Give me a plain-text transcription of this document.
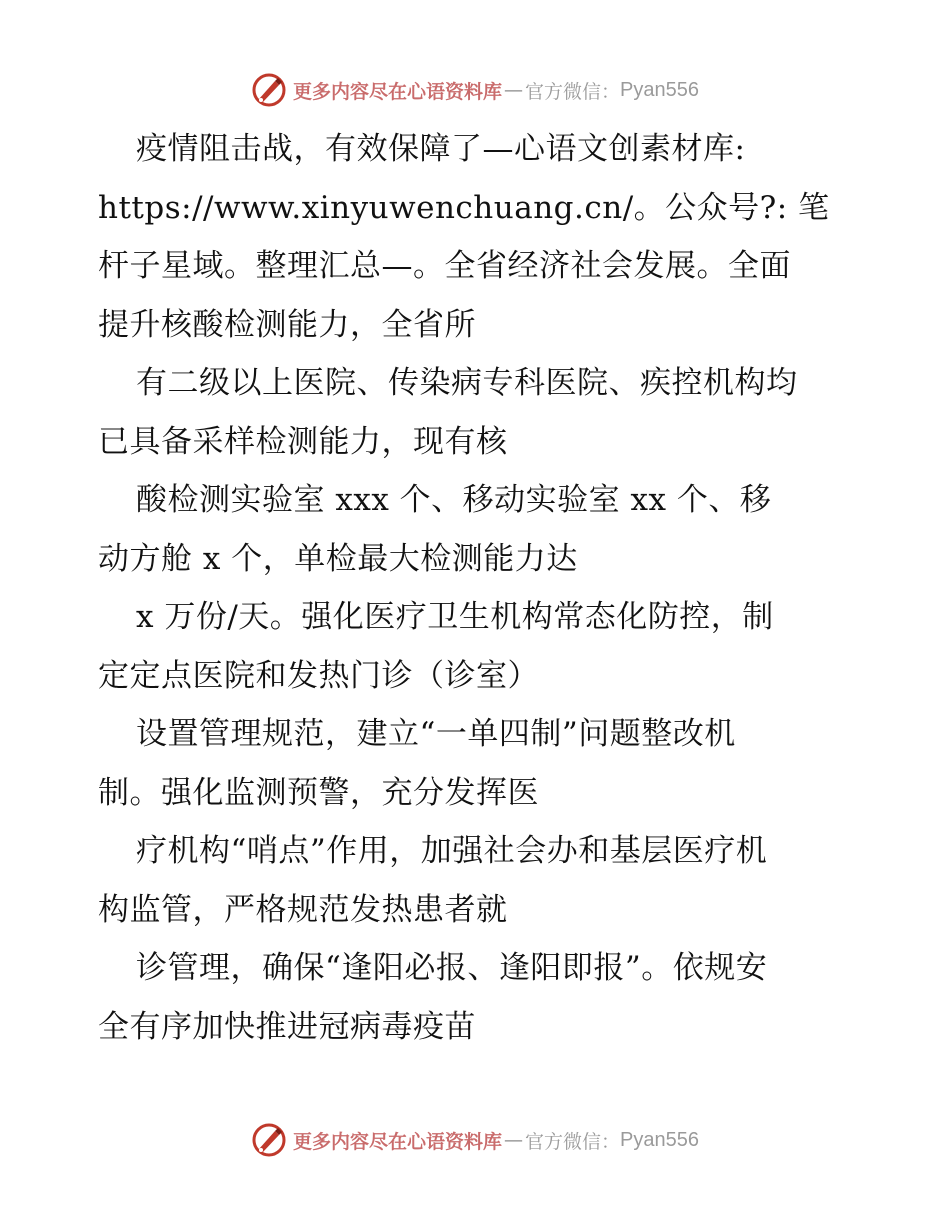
更多内容尽在心语资料库 — 官方微信： Pyan556
疫情阻击战，有效保障了—心语文创素材库:
https://www.xinyuwenchuang.cn/。公众号?: 笔
杆子星域。整理汇总—。全省经济社会发展。全面
提升核酸检测能力，全省所
有二级以上医院、传染病专科医院、疾控机构均
已具备采样检测能力，现有核
酸检测实验室 xxx 个、移动实验室 xx 个、移
动方舱 x 个，单检最大检测能力达
x 万份/天。强化医疗卫生机构常态化防控，制
定定点医院和发热门诊（诊室）
设置管理规范，建立“一单四制”问题整改机
制。强化监测预警，充分发挥医
疗机构“哨点”作用，加强社会办和基层医疗机
构监管，严格规范发热患者就
诊管理，确保“逢阳必报、逢阳即报”。依规安
全有序加快推进冠病毒疫苗
更多内容尽在心语资料库 — 官方微信： Pyan556
